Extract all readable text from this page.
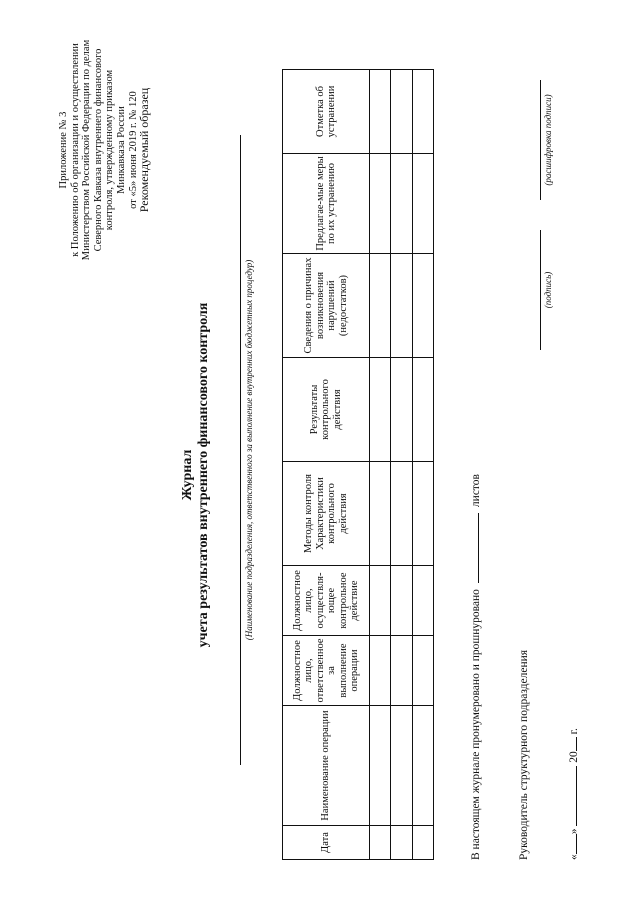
Приложение № 3 к Положению об организации и осуществлении Министерством Российской Федерации по делам Северного Кавказа внутреннего финансового контроля, утвержденному приказом Минкавказа России от «5» июня 2019 г. № 120
Рекомендуемый образец
Журнал учета результатов внутреннего финансового контроля	(Наименование подразделения, ответственного за выполнение внутренних бюджетных процедур)
Дата	Наименование операции	Должностное лицо, ответственное за выполнение операции	Должностное лицо, осуществля-ющее контрольное действие	Методы контроля Характеристики контрольного действия	Результаты контрольного действия	Сведения о причинах возникновения нарушений (недостатков)	Предлагае-мые меры по их устранению	Отметка об устранении

В настоящем журнале пронумеровано и прошнурованолистов
Руководитель структурного подразделения
(подпись)
(расшифровка подписи)
«»  20 г.
